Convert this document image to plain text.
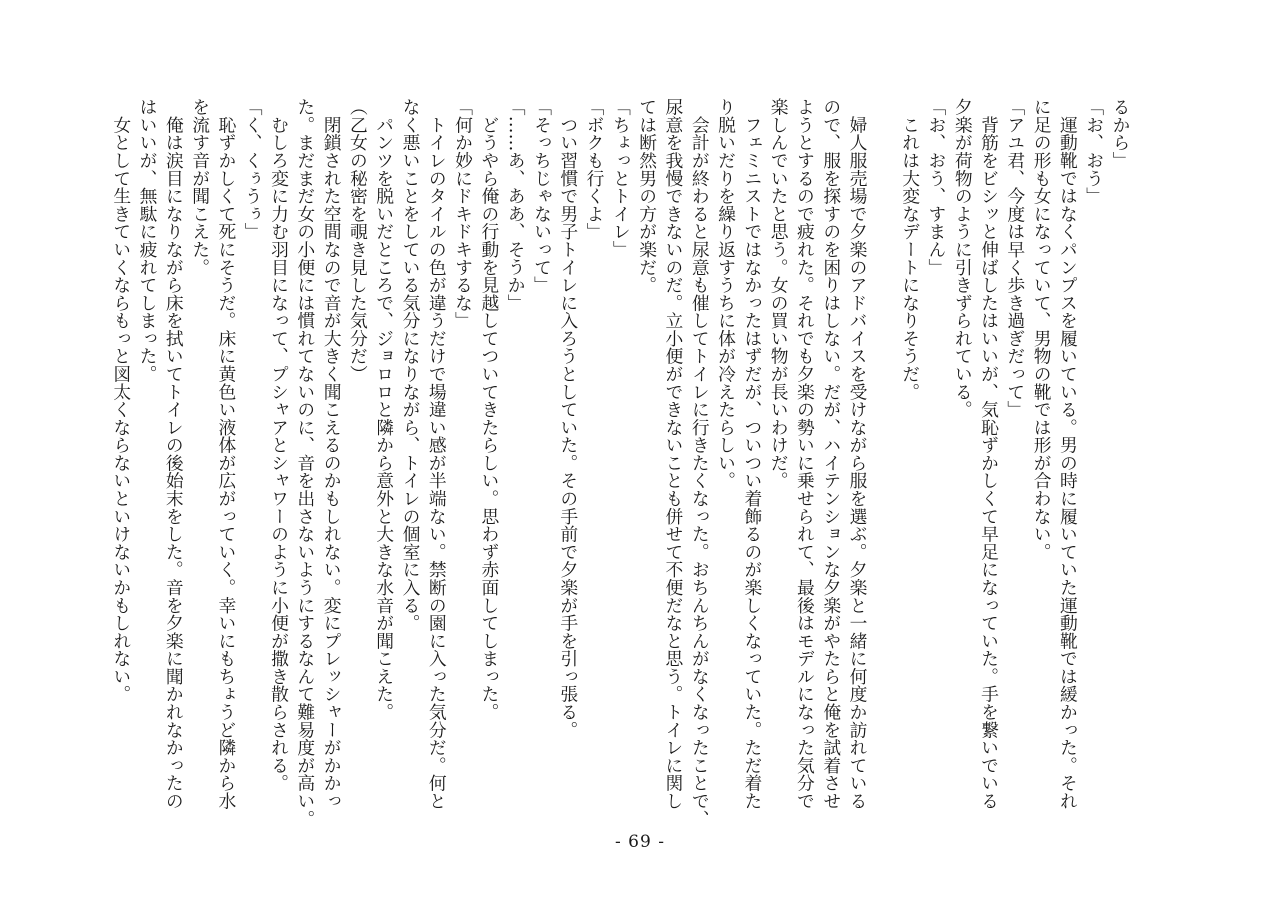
るから」
「お、おう」
　運動靴ではなくパンプスを履いている。男の時に履いていた運動靴では緩かった。それ
に足の形も女になっていて、男物の靴では形が合わない。
「アユ君、今度は早く歩き過ぎだって」
　背筋をビシッと伸ばしたはいいが、気恥ずかしくて早足になっていた。手を繋いでいる
夕楽が荷物のように引きずられている。
「お、おう、すまん」
　これは大変なデートになりそうだ。
　婦人服売場で夕楽のアドバイスを受けながら服を選ぶ。夕楽と一緒に何度か訪れている
ので、服を探すのを困りはしない。だが、ハイテンションな夕楽がやたらと俺を試着させ
ようとするので疲れた。それでも夕楽の勢いに乗せられて、最後はモデルになった気分で
楽しんでいたと思う。女の買い物が長いわけだ。
　フェミニストではなかったはずだが、ついつい着飾るのが楽しくなっていた。ただ着た
り脱いだりを繰り返すうちに体が冷えたらしい。
　会計が終わると尿意も催してトイレに行きたくなった。おちんちんがなくなったことで、
尿意を我慢できないのだ。立小便ができないことも併せて不便だなと思う。トイレに関し
ては断然男の方が楽だ。
「ちょっとトイレ」
「ボクも行くよ」
　つい習慣で男子トイレに入ろうとしていた。その手前で夕楽が手を引っ張る。
「そっちじゃないって」
「……あ、ああ、そうか」
　どうやら俺の行動を見越してついてきたらしい。思わず赤面してしまった。
「何か妙にドキドキするな」
　トイレのタイルの色が違うだけで場違い感が半端ない。禁断の園に入った気分だ。何と
なく悪いことをしている気分になりながら、トイレの個室に入る。
　パンツを脱いだところで、ジョロロと隣から意外と大きな水音が聞こえた。
（乙女の秘密を覗き見した気分だ）
　閉鎖された空間なので音が大きく聞こえるのかもしれない。変にプレッシャーがかかっ
た。まだまだ女の小便には慣れてないのに、音を出さないようにするなんて難易度が高い。
　むしろ変に力む羽目になって、プシャアとシャワーのように小便が撒き散らされる。
「く、くぅうぅ」
　恥ずかしくて死にそうだ。床に黄色い液体が広がっていく。幸いにもちょうど隣から水
を流す音が聞こえた。
　俺は涙目になりながら床を拭いてトイレの後始末をした。音を夕楽に聞かれなかったの
はいいが、無駄に疲れてしまった。
　女として生きていくならもっと図太くならないといけないかもしれない。
- 69 -
